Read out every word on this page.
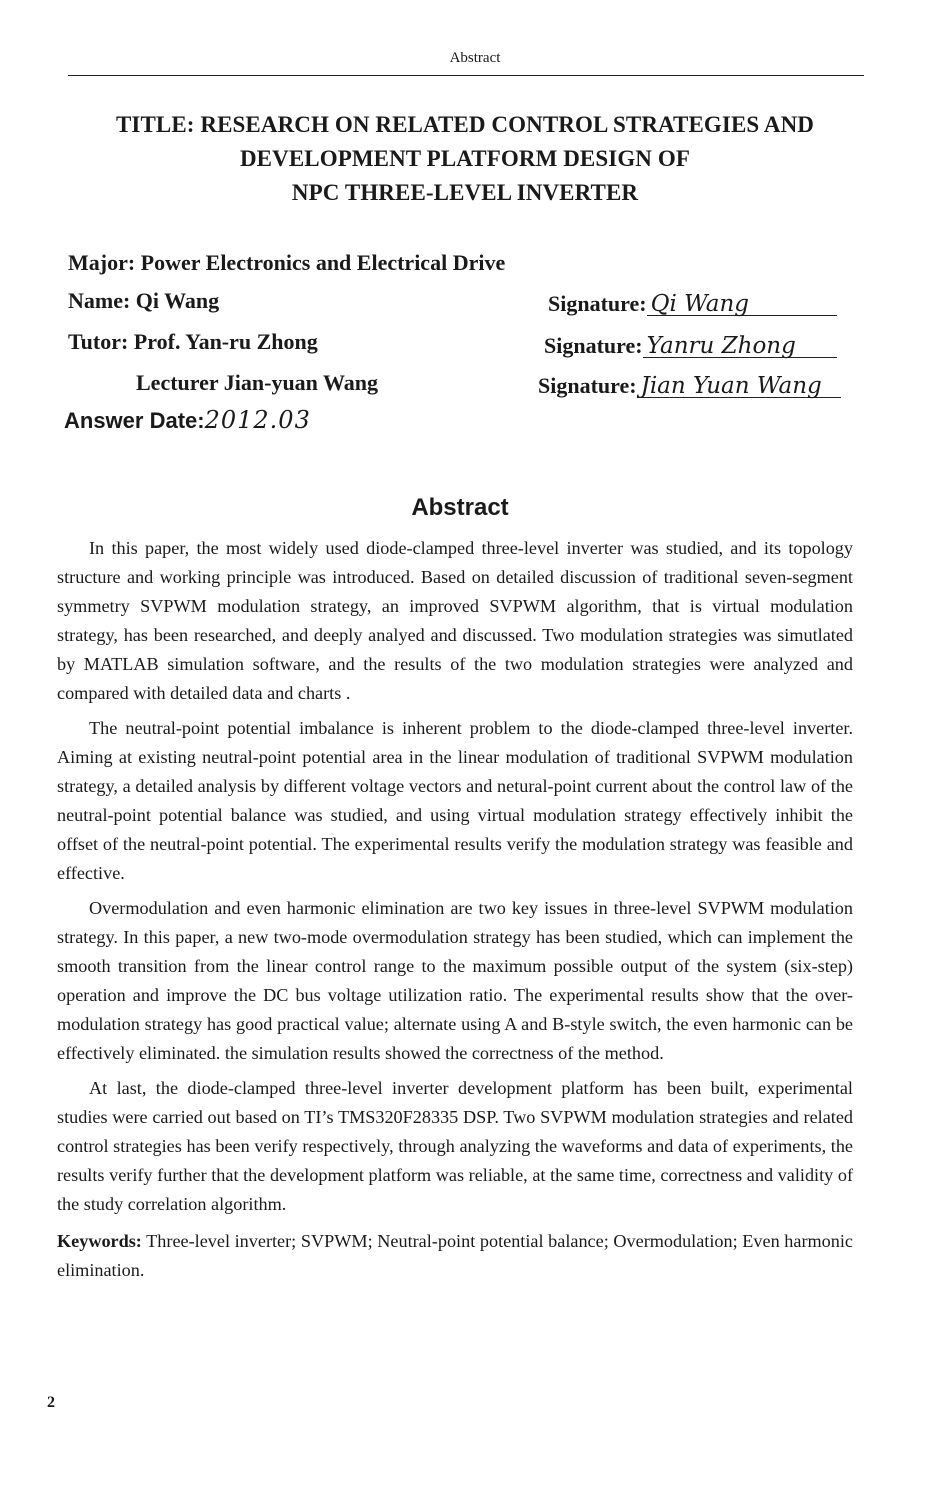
Abstract
TITLE: RESEARCH ON RELATED CONTROL STRATEGIES AND
DEVELOPMENT PLATFORM DESIGN OF
NPC THREE-LEVEL INVERTER
Major: Power Electronics and Electrical Drive
Name: Qi Wang
Tutor: Prof. Yan-ru Zhong
Lecturer Jian-yuan Wang
Answer Date:2012.03
Signature: Qi Wang
Signature: Yanru Zhong
Signature: Jian Yuan Wang
Abstract

In this paper, the most widely used diode-clamped three-level inverter was studied, and its topology structure and working principle was introduced. Based on detailed discussion of traditional seven-segment symmetry SVPWM modulation strategy, an improved SVPWM algorithm, that is virtual modulation strategy, has been researched, and deeply analyed and discussed. Two modulation strategies was simutlated by MATLAB simulation software, and the results of the two modulation strategies were analyzed and compared with detailed data and charts .

The neutral-point potential imbalance is inherent problem to the diode-clamped three-level inverter. Aiming at existing neutral-point potential area in the linear modulation of traditional SVPWM modulation strategy, a detailed analysis by different voltage vectors and netural-point current about the control law of the neutral-point potential balance was studied, and using virtual modulation strategy effectively inhibit the offset of the neutral-point potential. The experimental results verify the modulation strategy was feasible and effective.

Overmodulation and even harmonic elimination are two key issues in three-level SVPWM modulation strategy. In this paper, a new two-mode overmodulation strategy has been studied, which can implement the smooth transition from the linear control range to the maximum possible output of the system (six-step) operation and improve the DC bus voltage utilization ratio. The experimental results show that the over-modulation strategy has good practical value; alternate using A and B-style switch, the even harmonic can be effectively eliminated. the simulation results showed the correctness of the method.

At last, the diode-clamped three-level inverter development platform has been built, experimental studies were carried out based on TI’s TMS320F28335 DSP. Two SVPWM modulation strategies and related control strategies has been verify respectively, through analyzing the waveforms and data of experiments, the results verify further that the development platform was reliable, at the same time, correctness and validity of the study correlation algorithm.

Keywords: Three-level inverter; SVPWM; Neutral-point potential balance; Overmodulation; Even harmonic elimination.

2
